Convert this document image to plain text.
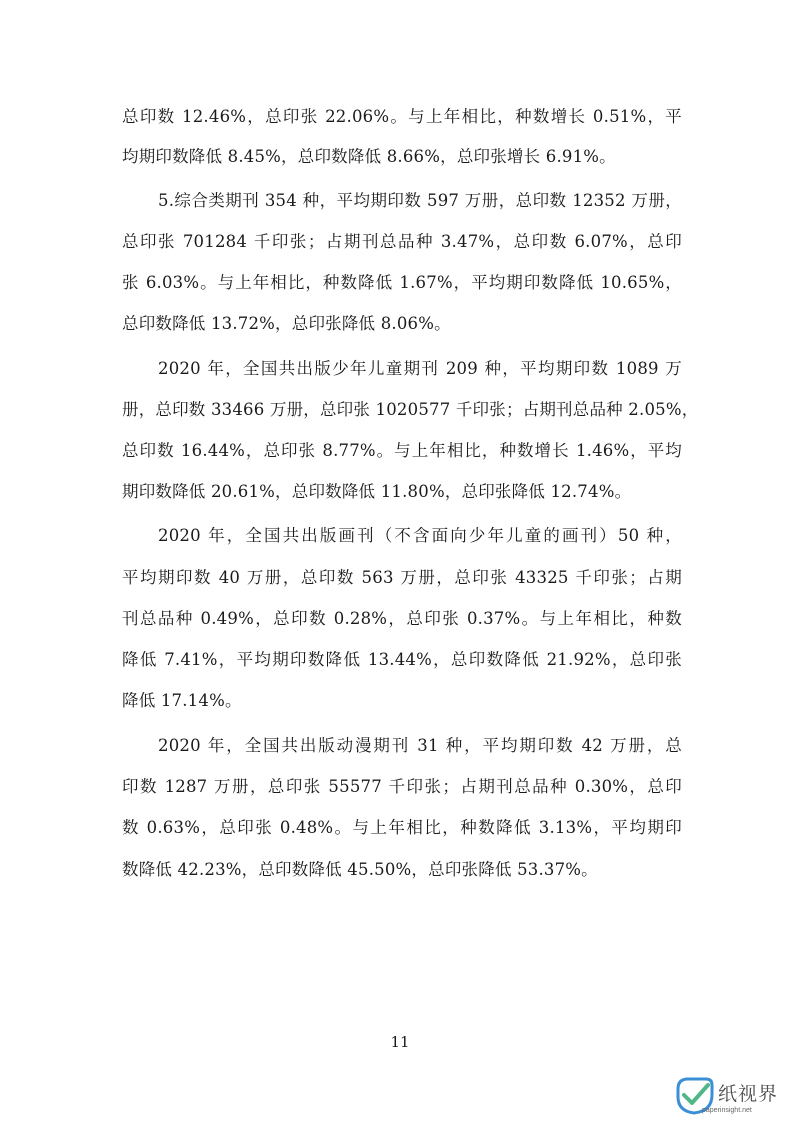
总印数 12.46%，总印张 22.06%。与上年相比，种数增长 0.51%，平
均期印数降低 8.45%，总印数降低 8.66%，总印张增长 6.91%。
5.综合类期刊 354 种，平均期印数 597 万册，总印数 12352 万册，
总印张 701284 千印张；占期刊总品种 3.47%，总印数 6.07%，总印
张 6.03%。与上年相比，种数降低 1.67%，平均期印数降低 10.65%，
总印数降低 13.72%，总印张降低 8.06%。
2020 年，全国共出版少年儿童期刊 209 种，平均期印数 1089 万
册，总印数 33466 万册，总印张 1020577 千印张；占期刊总品种 2.05%，
总印数 16.44%，总印张 8.77%。与上年相比，种数增长 1.46%，平均
期印数降低 20.61%，总印数降低 11.80%，总印张降低 12.74%。
2020 年，全国共出版画刊（不含面向少年儿童的画刊）50 种，
平均期印数 40 万册，总印数 563 万册，总印张 43325 千印张；占期
刊总品种 0.49%，总印数 0.28%，总印张 0.37%。与上年相比，种数
降低 7.41%，平均期印数降低 13.44%，总印数降低 21.92%，总印张
降低 17.14%。
2020 年，全国共出版动漫期刊 31 种，平均期印数 42 万册，总
印数 1287 万册，总印张 55577 千印张；占期刊总品种 0.30%，总印
数 0.63%，总印张 0.48%。与上年相比，种数降低 3.13%，平均期印
数降低 42.23%，总印数降低 45.50%，总印张降低 53.37%。
11
纸视界
paperinsight.net
